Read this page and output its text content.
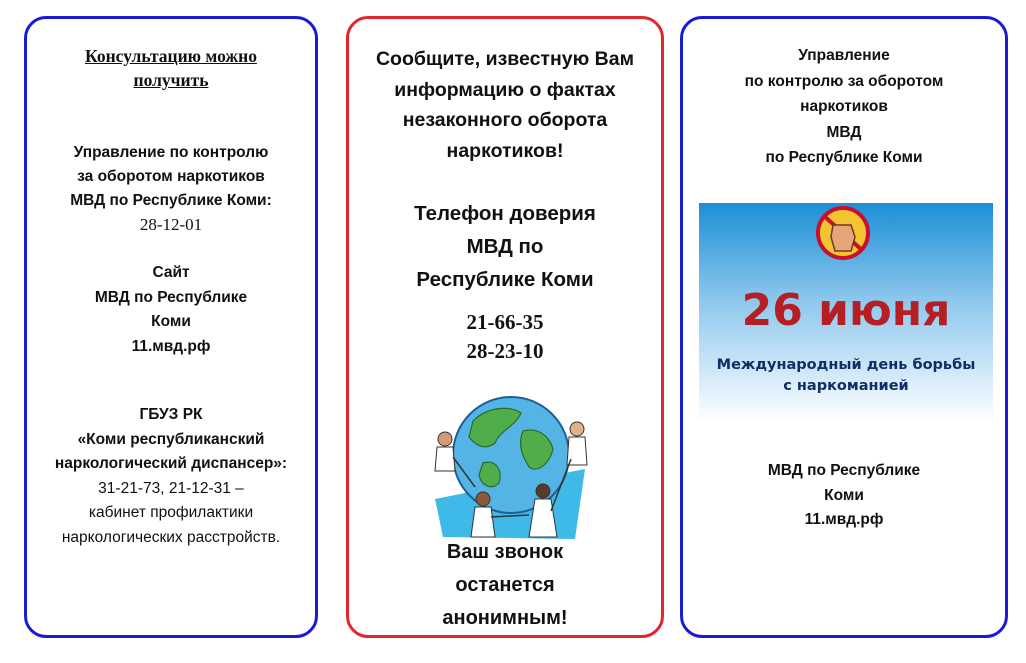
Консультацию можно
получить
Управление по контролю
за оборотом наркотиков
МВД по Республике Коми:
28-12-01
Сайт
МВД по Республике
Коми
11.мвд.рф
ГБУЗ РК
«Коми республиканский
наркологический диспансер»:
31-21-73, 21-12-31 –
кабинет профилактики
наркологических расстройств.
Сообщите, известную Вам
информацию о фактах
незаконного оборота
наркотиков!
Телефон доверия
МВД по
Республике Коми
21-66-35
28-23-10
Ваш звонок
останется
анонимным!
Управление
по контролю за оборотом
наркотиков
МВД
по Республике Коми
26 июня
Международный день борьбы
с наркоманией
МВД по Республике
Коми
11.мвд.рф
